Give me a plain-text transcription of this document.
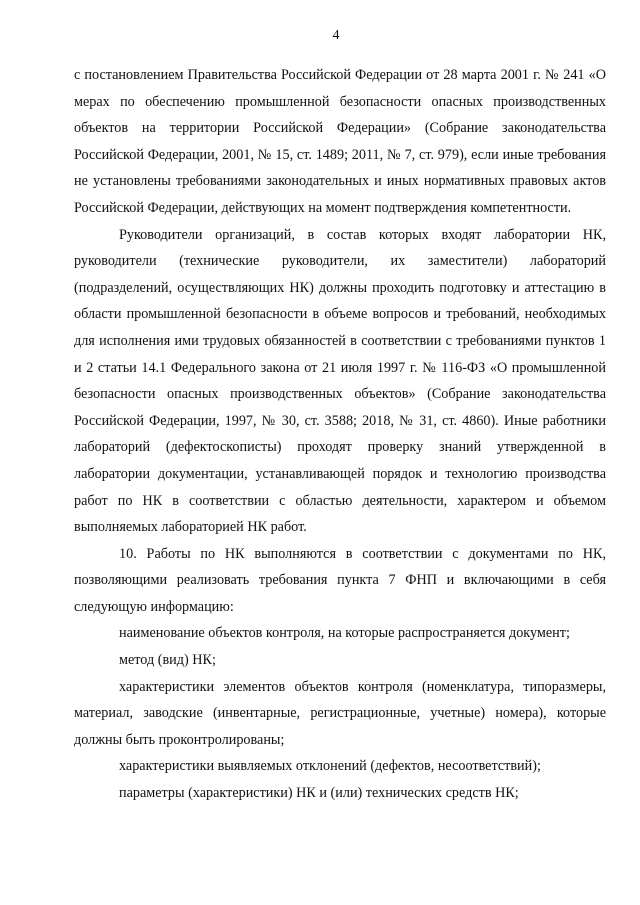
4

с постановлением Правительства Российской Федерации от 28 марта 2001 г. № 241 «О мерах по обеспечению промышленной безопасности опасных производственных объектов на территории Российской Федерации» (Собрание законодательства Российской Федерации, 2001, № 15, ст. 1489; 2011, № 7, ст. 979), если иные требования не установлены требованиями законодательных и иных нормативных правовых актов Российской Федерации, действующих на момент подтверждения компетентности.

Руководители организаций, в состав которых входят лаборатории НК, руководители (технические руководители, их заместители) лабораторий (подразделений, осуществляющих НК) должны проходить подготовку и аттестацию в области промышленной безопасности в объеме вопросов и требований, необходимых для исполнения ими трудовых обязанностей в соответствии с требованиями пунктов 1 и 2 статьи 14.1 Федерального закона от 21 июля 1997 г. № 116-ФЗ «О промышленной безопасности опасных производственных объектов» (Собрание законодательства Российской Федерации, 1997, № 30, ст. 3588; 2018, № 31, ст. 4860). Иные работники лабораторий (дефектоскописты) проходят проверку знаний утвержденной в лаборатории документации, устанавливающей порядок и технологию производства работ по НК в соответствии с областью деятельности, характером и объемом выполняемых лабораторией НК работ.

10. Работы по НК выполняются в соответствии с документами по НК, позволяющими реализовать требования пункта 7 ФНП и включающими в себя следующую информацию:

наименование объектов контроля, на которые распространяется документ;

метод (вид) НК;

характеристики элементов объектов контроля (номенклатура, типоразмеры, материал, заводские (инвентарные, регистрационные, учетные) номера), которые должны быть проконтролированы;

характеристики выявляемых отклонений (дефектов, несоответствий);

параметры (характеристики) НК и (или) технических средств НК;
